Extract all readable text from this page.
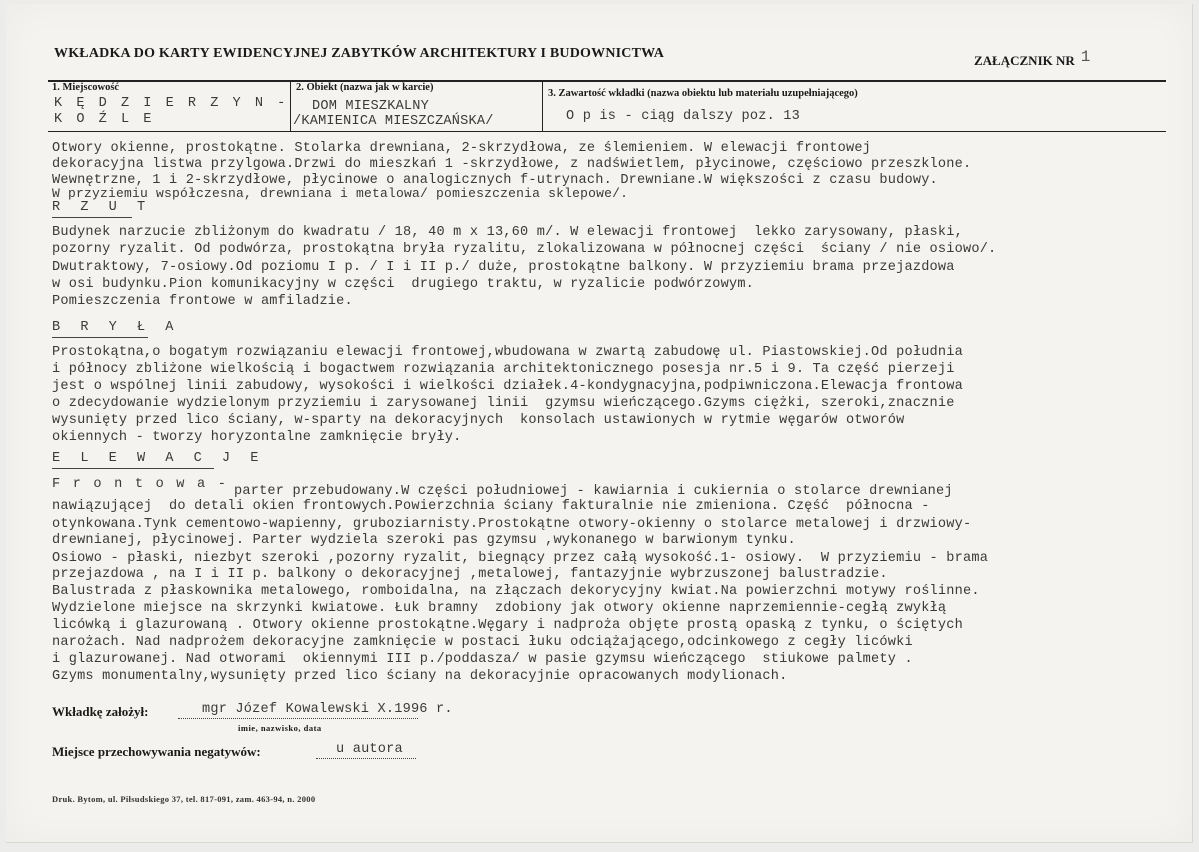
WKŁADKA DO KARTY EWIDENCYJNEJ ZABYTKÓW ARCHITEKTURY I BUDOWNICTWA	ZAŁĄCZNIK NR 1
1. Miejscowość
K Ę D Z I E R Z Y N -
K O Ź L E
2. Obiekt (nazwa jak w karcie)
DOM MIESZKALNY
/KAMIENICA MIESZCZAŃSKA/
3. Zawartość wkładki (nazwa obiektu lub materiału uzupełniającego)
O p is - ciąg dalszy poz. 13
Otwory okienne, prostokątne. Stolarka drewniana, 2-skrzydłowa, ze ślemieniem. W elewacji frontowej
dekoracyjna listwa przylgowa.Drzwi do mieszkań 1 -skrzydłowe, z nadświetlem, płycinowe, częściowo przeszklone.
Wewnętrzne, 1 i 2-skrzydłowe, płycinowe o analogicznych f-utrynach. Drewniane.W większości z czasu budowy.
W przyziemiu współczesna, drewniana i metalowa/ pomieszczenia sklepowe/.
R Z U T
Budynek narzucie zbliżonym do kwadratu / 18, 40 m x 13,60 m/. W elewacji frontowej  lekko zarysowany, płaski,
pozorny ryzalit. Od podwórza, prostokątna bryła ryzalitu, zlokalizowana w północnej części  ściany / nie osiowo/.
Dwutraktowy, 7-osiowy.Od poziomu I p. / I i II p./ duże, prostokątne balkony. W przyziemiu brama przejazdowa
w osi budynku.Pion komunikacyjny w części  drugiego traktu, w ryzalicie podwórzowym.
Pomieszczenia frontowe w amfiladzie.
B R Y Ł A
Prostokątna,o bogatym rozwiązaniu elewacji frontowej,wbudowana w zwartą zabudowę ul. Piastowskiej.Od południa
i północy zbliżone wielkością i bogactwem rozwiązania architektonicznego posesja nr.5 i 9. Ta część pierzeji
jest o wspólnej linii zabudowy, wysokości i wielkości działek.4-kondygnacyjna,podpiwniczona.Elewacja frontowa
o zdecydowanie wydzielonym przyziemiu i zarysowanej linii  gzymsu wieńczącego.Gzyms ciężki, szeroki,znacznie
wysunięty przed lico ściany, w-sparty na dekoracyjnych  konsolach ustawionych w rytmie węgarów otworów
okiennych - tworzy horyzontalne zamknięcie bryły.
E L E W A C J E
F r o n t o w a - parter przebudowany.W części południowej - kawiarnia i cukiernia o stolarce drewnianej
nawiązującej  do detali okien frontowych.Powierzchnia ściany fakturalnie nie zmieniona. Część  północna -
otynkowana.Tynk cementowo-wapienny, gruboziarnisty.Prostokątne otwory-okienny o stolarce metalowej i drzwiowy-
drewnianej, płycinowej. Parter wydziela szeroki pas gzymsu ,wykonanego w barwionym tynku.
Osiowo - płaski, niezbyt szeroki ,pozorny ryzalit, biegnący przez całą wysokość.1- osiowy.  W przyziemiu - brama
przejazdowa , na I i II p. balkony o dekoracyjnej ,metalowej, fantazyjnie wybrzuszonej balustradzie.
Balustrada z płaskownika metalowego, romboidalna, na złączach dekorycyjny kwiat.Na powierzchni motywy roślinne.
Wydzielone miejsce na skrzynki kwiatowe. Łuk bramny  zdobiony jak otwory okienne naprzemiennie-cegłą zwykłą
licówką i glazurowaną . Otwory okienne prostokątne.Węgary i nadproża objęte prostą opaską z tynku, o ściętych
narożach. Nad nadprożem dekoracyjne zamknięcie w postaci łuku odciążającego,odcinkowego z cegły licówki
i glazurowanej. Nad otworami  okiennymi III p./poddasza/ w pasie gzymsu wieńczącego  stiukowe palmety .
Gzyms monumentalny,wysunięty przed lico ściany na dekoracyjnie opracowanych modylionach.
Wkładkę założył:	mgr Józef Kowalewski X.1996 r.
imie, nazwisko, data
Miejsce przechowywania negatywów:	u autora
Druk. Bytom, ul. Piłsudskiego 37, tel. 817-091, zam. 463-94, n. 2000
